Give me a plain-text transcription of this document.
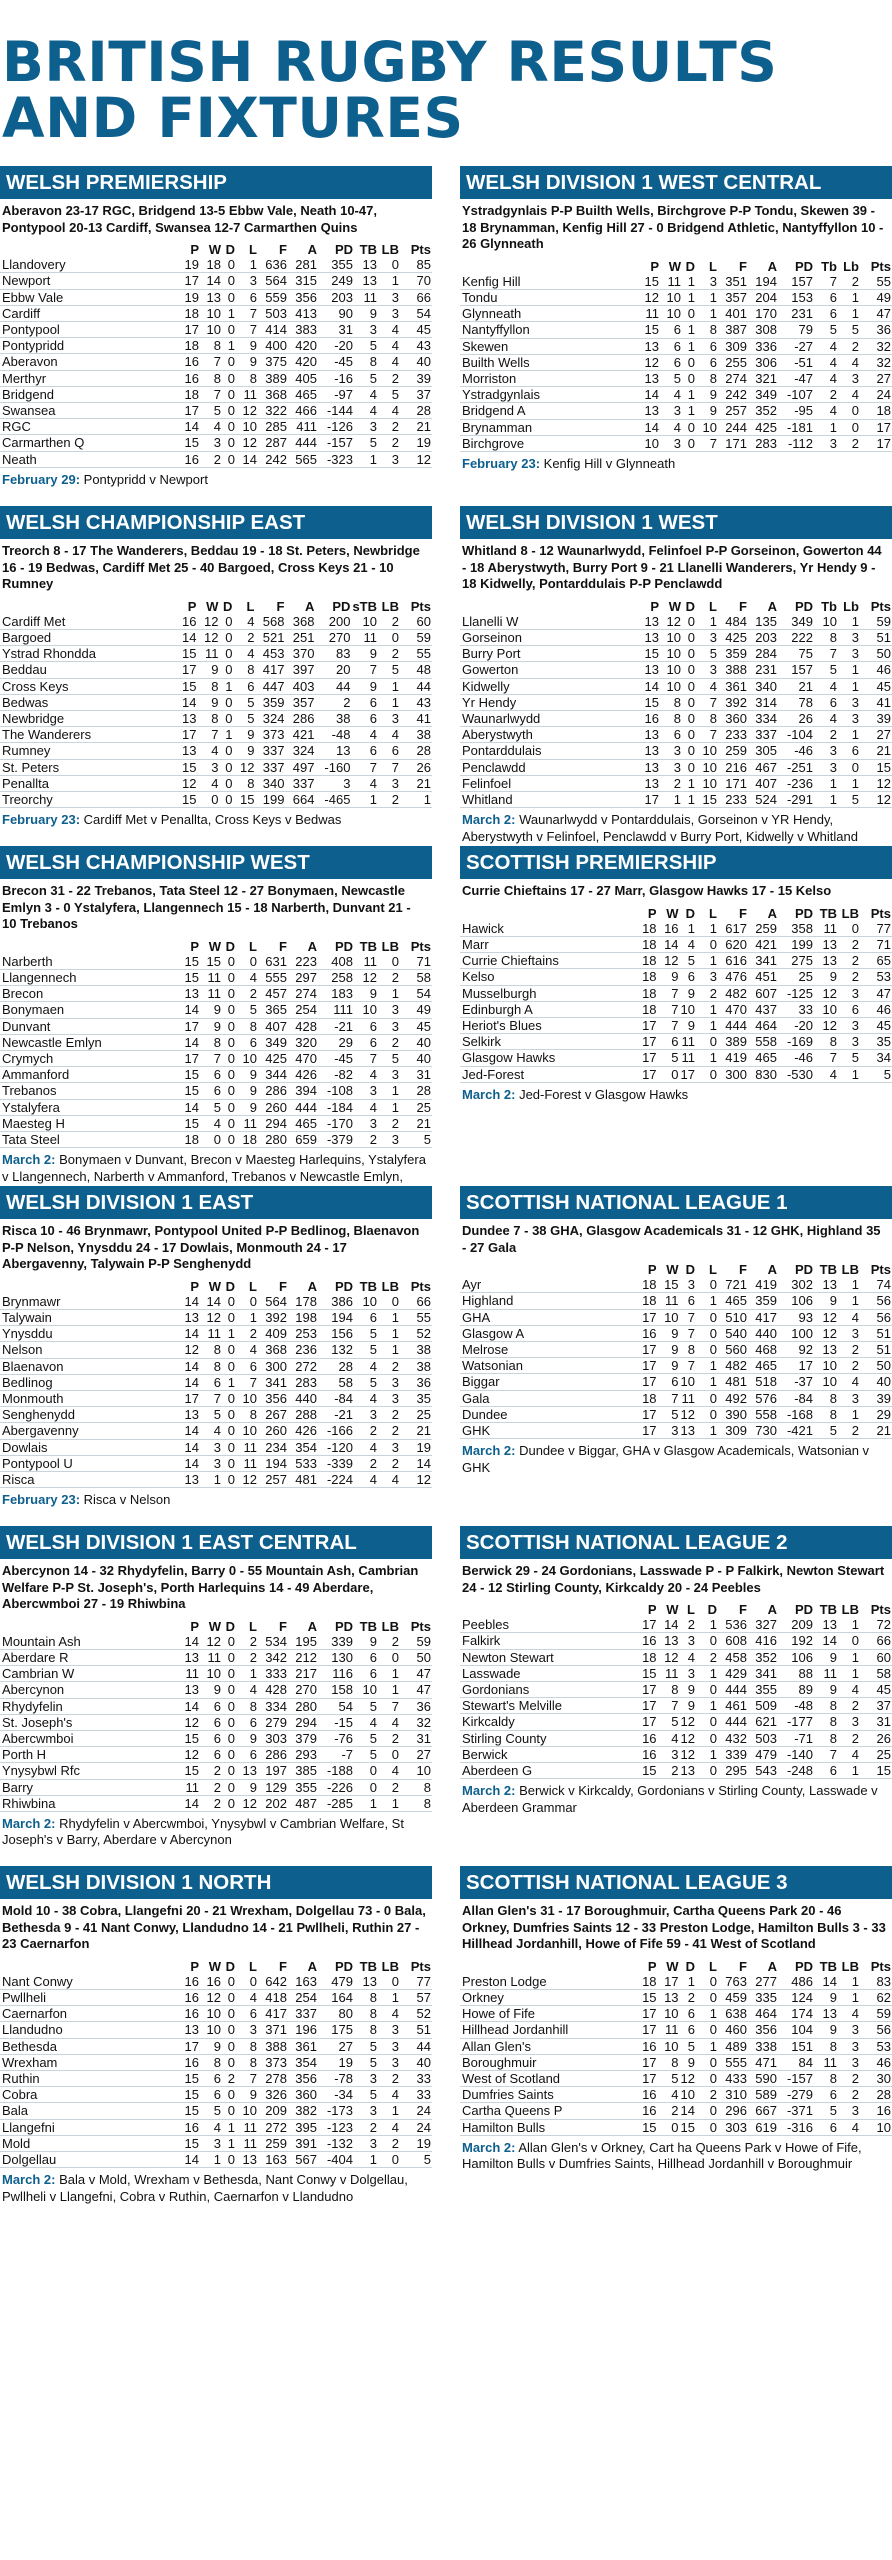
BRITISH RUGBY RESULTS
AND FIXTURES
WELSH PREMIERSHIP
Aberavon 23-17 RGC, Bridgend 13-5 Ebbw Vale, Neath 10-47, Pontypool 20-13 Cardiff, Swansea 12-7 Carmarthen Quins
	P	W	D	L	F	A	PD	TB	LB	Pts
Llandovery	19	18	0	1	636	281	355	13	0	85
Newport	17	14	0	3	564	315	249	13	1	70
Ebbw Vale	19	13	0	6	559	356	203	11	3	66
Cardiff	18	10	1	7	503	413	90	9	3	54
Pontypool	17	10	0	7	414	383	31	3	4	45
Pontypridd	18	8	1	9	400	420	-20	5	4	43
Aberavon	16	7	0	9	375	420	-45	8	4	40
Merthyr	16	8	0	8	389	405	-16	5	2	39
Bridgend	18	7	0	11	368	465	-97	4	5	37
Swansea	17	5	0	12	322	466	-144	4	4	28
RGC	14	4	0	10	285	411	-126	3	2	21
Carmarthen Q	15	3	0	12	287	444	-157	5	2	19
Neath	16	2	0	14	242	565	-323	1	3	12
February 29: Pontypridd v Newport
WELSH CHAMPIONSHIP EAST
Treorch 8 - 17 The Wanderers, Beddau 19 - 18 St. Peters, Newbridge 16 - 19 Bedwas, Cardiff Met 25 - 40 Bargoed, Cross Keys 21 - 10 Rumney
	P	W	D	L	F	A	PD	sTB	LB	Pts
Cardiff Met	16	12	0	4	568	368	200	10	2	60
Bargoed	14	12	0	2	521	251	270	11	0	59
Ystrad Rhondda	15	11	0	4	453	370	83	9	2	55
Beddau	17	9	0	8	417	397	20	7	5	48
Cross Keys	15	8	1	6	447	403	44	9	1	44
Bedwas	14	9	0	5	359	357	2	6	1	43
Newbridge	13	8	0	5	324	286	38	6	3	41
The Wanderers	17	7	1	9	373	421	-48	4	4	38
Rumney	13	4	0	9	337	324	13	6	6	28
St. Peters	15	3	0	12	337	497	-160	7	7	26
Penallta	12	4	0	8	340	337	3	4	3	21
Treorchy	15	0	0	15	199	664	-465	1	2	1
February 23: Cardiff Met v Penallta, Cross Keys v Bedwas
WELSH CHAMPIONSHIP WEST
Brecon 31 - 22 Trebanos, Tata Steel 12 - 27 Bonymaen, Newcastle Emlyn 3 - 0 Ystalyfera, Llangennech 15 - 18 Narberth, Dunvant 21 - 10 Trebanos
	P	W	D	L	F	A	PD	TB	LB	Pts
Narberth	15	15	0	0	631	223	408	11	0	71
Llangennech	15	11	0	4	555	297	258	12	2	58
Brecon	13	11	0	2	457	274	183	9	1	54
Bonymaen	14	9	0	5	365	254	111	10	3	49
Dunvant	17	9	0	8	407	428	-21	6	3	45
Newcastle Emlyn	14	8	0	6	349	320	29	6	2	40
Crymych	17	7	0	10	425	470	-45	7	5	40
Ammanford	15	6	0	9	344	426	-82	4	3	31
Trebanos	15	6	0	9	286	394	-108	3	1	28
Ystalyfera	14	5	0	9	260	444	-184	4	1	25
Maesteg H	15	4	0	11	294	465	-170	3	2	21
Tata Steel	18	0	0	18	280	659	-379	2	3	5
March 2: Bonymaen v Dunvant, Brecon v Maesteg Harlequins, Ystalyfera v Llangennech, Narberth v Ammanford, Trebanos v Newcastle Emlyn,
WELSH DIVISION 1 EAST
Risca 10 - 46 Brynmawr, Pontypool United P-P Bedlinog, Blaenavon P-P Nelson, Ynysddu 24 - 17 Dowlais, Monmouth 24 - 17 Abergavenny, Talywain P-P Senghenydd
	P	W	D	L	F	A	PD	TB	LB	Pts
Brynmawr	14	14	0	0	564	178	386	10	0	66
Talywain	13	12	0	1	392	198	194	6	1	55
Ynysddu	14	11	1	2	409	253	156	5	1	52
Nelson	12	8	0	4	368	236	132	5	1	38
Blaenavon	14	8	0	6	300	272	28	4	2	38
Bedlinog	14	6	1	7	341	283	58	5	3	36
Monmouth	17	7	0	10	356	440	-84	4	3	35
Senghenydd	13	5	0	8	267	288	-21	3	2	25
Abergavenny	14	4	0	10	260	426	-166	2	2	21
Dowlais	14	3	0	11	234	354	-120	4	3	19
Pontypool U	14	3	0	11	194	533	-339	2	2	14
Risca	13	1	0	12	257	481	-224	4	4	12
February 23: Risca v Nelson
WELSH DIVISION 1 EAST CENTRAL
Abercynon 14 - 32 Rhydyfelin, Barry 0 - 55 Mountain Ash, Cambrian Welfare P-P St. Joseph's, Porth Harlequins 14 - 49 Aberdare, Abercwmboi 27 - 19 Rhiwbina
	P	W	D	L	F	A	PD	TB	LB	Pts
Mountain Ash	14	12	0	2	534	195	339	9	2	59
Aberdare R	13	11	0	2	342	212	130	6	0	50
Cambrian W	11	10	0	1	333	217	116	6	1	47
Abercynon	13	9	0	4	428	270	158	10	1	47
Rhydyfelin	14	6	0	8	334	280	54	5	7	36
St. Joseph's	12	6	0	6	279	294	-15	4	4	32
Abercwmboi	15	6	0	9	303	379	-76	5	2	31
Porth H	12	6	0	6	286	293	-7	5	0	27
Ynysybwl Rfc	15	2	0	13	197	385	-188	0	4	10
Barry	11	2	0	9	129	355	-226	0	2	8
Rhiwbina	14	2	0	12	202	487	-285	1	1	8
March 2: Rhydyfelin v Abercwmboi, Ynysybwl v Cambrian Welfare, St Joseph's v Barry, Aberdare v Abercynon
WELSH DIVISION 1 NORTH
Mold 10 - 38 Cobra, Llangefni 20 - 21 Wrexham, Dolgellau 73 - 0 Bala, Bethesda 9 - 41 Nant Conwy, Llandudno 14 - 21 Pwllheli, Ruthin 27 - 23 Caernarfon
	P	W	D	L	F	A	PD	TB	LB	Pts
Nant Conwy	16	16	0	0	642	163	479	13	0	77
Pwllheli	16	12	0	4	418	254	164	8	1	57
Caernarfon	16	10	0	6	417	337	80	8	4	52
Llandudno	13	10	0	3	371	196	175	8	3	51
Bethesda	17	9	0	8	388	361	27	5	3	44
Wrexham	16	8	0	8	373	354	19	5	3	40
Ruthin	15	6	2	7	278	356	-78	3	2	33
Cobra	15	6	0	9	326	360	-34	5	4	33
Bala	15	5	0	10	209	382	-173	3	1	24
Llangefni	16	4	1	11	272	395	-123	2	4	24
Mold	15	3	1	11	259	391	-132	3	2	19
Dolgellau	14	1	0	13	163	567	-404	1	0	5
March 2: Bala v Mold, Wrexham v Bethesda, Nant Conwy v Dolgellau, Pwllheli v Llangefni, Cobra v Ruthin, Caernarfon v Llandudno
WELSH DIVISION 1 WEST CENTRAL
Ystradgynlais P-P Builth Wells, Birchgrove P-P Tondu, Skewen 39 - 18 Brynamman, Kenfig Hill 27 - 0 Bridgend Athletic, Nantyffyllon 10 - 26 Glynneath
	P	W	D	L	F	A	PD	Tb	Lb	Pts
Kenfig Hill	15	11	1	3	351	194	157	7	2	55
Tondu	12	10	1	1	357	204	153	6	1	49
Glynneath	11	10	0	1	401	170	231	6	1	47
Nantyffyllon	15	6	1	8	387	308	79	5	5	36
Skewen	13	6	1	6	309	336	-27	4	2	32
Builth Wells	12	6	0	6	255	306	-51	4	4	32
Morriston	13	5	0	8	274	321	-47	4	3	27
Ystradgynlais	14	4	1	9	242	349	-107	2	4	24
Bridgend A	13	3	1	9	257	352	-95	4	0	18
Brynamman	14	4	0	10	244	425	-181	1	0	17
Birchgrove	10	3	0	7	171	283	-112	3	2	17
February 23: Kenfig Hill v Glynneath
WELSH DIVISION 1 WEST
Whitland 8 - 12 Waunarlwydd, Felinfoel P-P Gorseinon, Gowerton 44 - 18 Aberystwyth, Burry Port 9 - 21 Llanelli Wanderers, Yr Hendy 9 - 18 Kidwelly, Pontarddulais P-P Penclawdd
	P	W	D	L	F	A	PD	Tb	Lb	Pts
Llanelli W	13	12	0	1	484	135	349	10	1	59
Gorseinon	13	10	0	3	425	203	222	8	3	51
Burry Port	15	10	0	5	359	284	75	7	3	50
Gowerton	13	10	0	3	388	231	157	5	1	46
Kidwelly	14	10	0	4	361	340	21	4	1	45
Yr Hendy	15	8	0	7	392	314	78	6	3	41
Waunarlwydd	16	8	0	8	360	334	26	4	3	39
Aberystwyth	13	6	0	7	233	337	-104	2	1	27
Pontarddulais	13	3	0	10	259	305	-46	3	6	21
Penclawdd	13	3	0	10	216	467	-251	3	0	15
Felinfoel	13	2	1	10	171	407	-236	1	1	12
Whitland	17	1	1	15	233	524	-291	1	5	12
March 2: Waunarlwydd v Pontarddulais, Gorseinon v YR Hendy, Aberystwyth v Felinfoel, Penclawdd v Burry Port, Kidwelly v Whitland
SCOTTISH PREMIERSHIP
Currie Chieftains 17 - 27 Marr, Glasgow Hawks 17 - 15 Kelso
	P	W	D	L	F	A	PD	TB	LB	Pts
Hawick	18	16	1	1	617	259	358	11	0	77
Marr	18	14	4	0	620	421	199	13	2	71
Currie Chieftains	18	12	5	1	616	341	275	13	2	65
Kelso	18	9	6	3	476	451	25	9	2	53
Musselburgh	18	7	9	2	482	607	-125	12	3	47
Edinburgh A	18	7	10	1	470	437	33	10	6	46
Heriot's Blues	17	7	9	1	444	464	-20	12	3	45
Selkirk	17	6	11	0	389	558	-169	8	3	35
Glasgow Hawks	17	5	11	1	419	465	-46	7	5	34
Jed-Forest	17	0	17	0	300	830	-530	4	1	5
March 2: Jed-Forest v Glasgow Hawks
SCOTTISH NATIONAL LEAGUE 1
Dundee 7 - 38 GHA, Glasgow Academicals 31 - 12 GHK, Highland 35 - 27 Gala
	P	W	D	L	F	A	PD	TB	LB	Pts
Ayr	18	15	3	0	721	419	302	13	1	74
Highland	18	11	6	1	465	359	106	9	1	56
GHA	17	10	7	0	510	417	93	12	4	56
Glasgow A	16	9	7	0	540	440	100	12	3	51
Melrose	17	9	8	0	560	468	92	13	2	51
Watsonian	17	9	7	1	482	465	17	10	2	50
Biggar	17	6	10	1	481	518	-37	10	4	40
Gala	18	7	11	0	492	576	-84	8	3	39
Dundee	17	5	12	0	390	558	-168	8	1	29
GHK	17	3	13	1	309	730	-421	5	2	21
March 2: Dundee v Biggar, GHA v Glasgow Academicals, Watsonian v GHK
SCOTTISH NATIONAL LEAGUE 2
Berwick 29 - 24 Gordonians, Lasswade P - P Falkirk, Newton Stewart 24 - 12 Stirling County, Kirkcaldy 20 - 24 Peebles
	P	W	L	D	F	A	PD	TB	LB	Pts
Peebles	17	14	2	1	536	327	209	13	1	72
Falkirk	16	13	3	0	608	416	192	14	0	66
Newton Stewart	18	12	4	2	458	352	106	9	1	60
Lasswade	15	11	3	1	429	341	88	11	1	58
Gordonians	17	8	9	0	444	355	89	9	4	45
Stewart's Melville	17	7	9	1	461	509	-48	8	2	37
Kirkcaldy	17	5	12	0	444	621	-177	8	3	31
Stirling County	16	4	12	0	432	503	-71	8	2	26
Berwick	16	3	12	1	339	479	-140	7	4	25
Aberdeen G	15	2	13	0	295	543	-248	6	1	15
March 2: Berwick v Kirkcaldy, Gordonians v Stirling County, Lasswade v Aberdeen Grammar
SCOTTISH NATIONAL LEAGUE 3
Allan Glen's 31 - 17 Boroughmuir, Cartha Queens Park 20 - 46 Orkney, Dumfries Saints 12 - 33 Preston Lodge, Hamilton Bulls 3 - 33 Hillhead Jordanhill, Howe of Fife 59 - 41 West of Scotland
	P	W	D	L	F	A	PD	TB	LB	Pts
Preston Lodge	18	17	1	0	763	277	486	14	1	83
Orkney	15	13	2	0	459	335	124	9	1	62
Howe of Fife	17	10	6	1	638	464	174	13	4	59
Hillhead Jordanhill	17	11	6	0	460	356	104	9	3	56
Allan Glen's	16	10	5	1	489	338	151	8	3	53
Boroughmuir	17	8	9	0	555	471	84	11	3	46
West of Scotland	17	5	12	0	433	590	-157	8	2	30
Dumfries Saints	16	4	10	2	310	589	-279	6	2	28
Cartha Queens P	16	2	14	0	296	667	-371	5	3	16
Hamilton Bulls	15	0	15	0	303	619	-316	6	4	10
March 2: Allan Glen's v Orkney, Cart ha Queens Park v Howe of Fife, Hamilton Bulls v Dumfries Saints, Hillhead Jordanhill v Boroughmuir
